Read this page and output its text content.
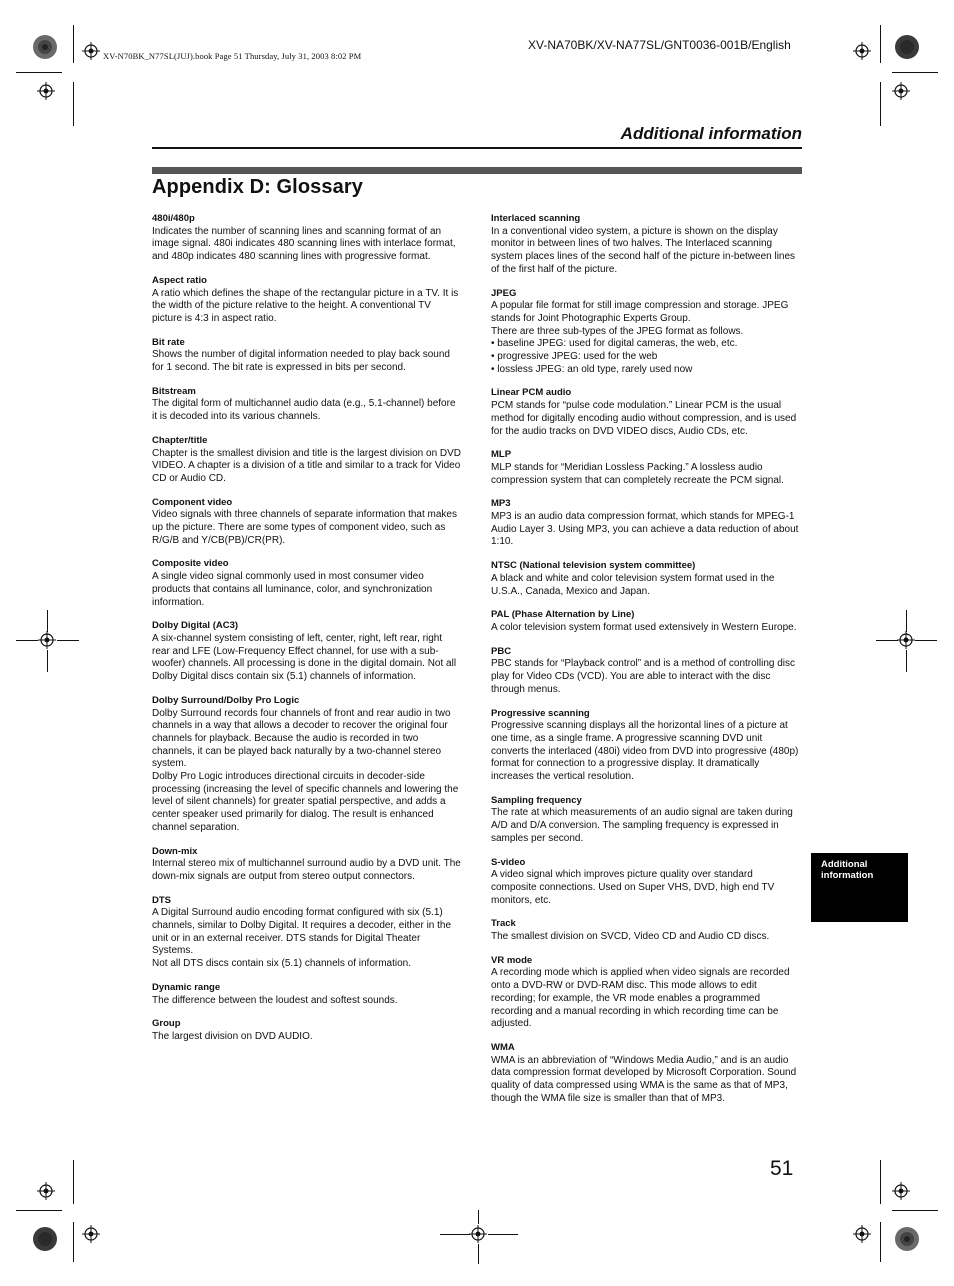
XV-N70BK_N77SL(JUJ).book Page 51 Thursday, July 31, 2003 8:02 PM
XV-NA70BK/XV-NA77SL/GNT0036-001B/English
Additional information
Appendix D: Glossary
480i/480p

Indicates the number of scanning lines and scanning format of an image signal. 480i indicates 480 scanning lines with interlace format, and 480p indicates 480 scanning lines with progressive format.

Aspect ratio

A ratio which defines the shape of the rectangular picture in a TV. It is the width of the picture relative to the height. A conventional TV picture is 4:3 in aspect ratio.

Bit rate

Shows the number of digital information needed to play back sound for 1 second. The bit rate is expressed in bits per second.

Bitstream

The digital form of multichannel audio data (e.g., 5.1-channel) before it is decoded into its various channels.

Chapter/title

Chapter is the smallest division and title is the largest division on DVD VIDEO. A chapter is a division of a title and similar to a track for Video CD or Audio CD.

Component video

Video signals with three channels of separate information that makes up the picture. There are some types of component video, such as R/G/B and Y/CB(PB)/CR(PR).

Composite video

A single video signal commonly used in most consumer video products that contains all luminance, color, and synchronization information.

Dolby Digital (AC3)

A six-channel system consisting of left, center, right, left rear, right rear and LFE (Low-Frequency Effect channel, for use with a sub-woofer) channels. All processing is done in the digital domain. Not all Dolby Digital discs contain six (5.1) channels of information.

Dolby Surround/Dolby Pro Logic

Dolby Surround records four channels of front and rear audio in two channels in a way that allows a decoder to recover the original four channels for playback. Because the audio is recorded in two channels, it can be played back naturally by a two-channel stereo system.

Dolby Pro Logic introduces directional circuits in decoder-side processing (increasing the level of specific channels and lowering the level of silent channels) for greater spatial perspective, and adds a center speaker used primarily for dialog. The result is enhanced channel separation.

Down-mix

Internal stereo mix of multichannel surround audio by a DVD unit. The down-mix signals are output from stereo output connectors.

DTS

A Digital Surround audio encoding format configured with six (5.1) channels, similar to Dolby Digital. It requires a decoder, either in the unit or in an external receiver. DTS stands for Digital Theater Systems.

Not all DTS discs contain six (5.1) channels of information.

Dynamic range

The difference between the loudest and softest sounds.

Group

The largest division on DVD AUDIO.

Interlaced scanning

In a conventional video system, a picture is shown on the display monitor in between lines of two halves. The Interlaced scanning system places lines of the second half of the picture in-between lines of the first half of the picture.

JPEG

A popular file format for still image compression and storage. JPEG stands for Joint Photographic Experts Group.

There are three sub-types of the JPEG format as follows.

• baseline JPEG: used for digital cameras, the web, etc.
• progressive JPEG: used for the web
• lossless JPEG: an old type, rarely used now
Linear PCM audio

PCM stands for “pulse code modulation.” Linear PCM is the usual method for digitally encoding audio without compression, and is used for the audio tracks on DVD VIDEO discs, Audio CDs, etc.

MLP

MLP stands for “Meridian Lossless Packing.” A lossless audio compression system that can completely recreate the PCM signal.

MP3

MP3 is an audio data compression format, which stands for MPEG-1 Audio Layer 3. Using MP3, you can achieve a data reduction of about 1:10.

NTSC (National television system committee)

A black and white and color television system format used in the U.S.A., Canada, Mexico and Japan.

PAL (Phase Alternation by Line)

A color television system format used extensively in Western Europe.

PBC

PBC stands for “Playback control” and is a method of controlling disc play for Video CDs (VCD). You are able to interact with the disc through menus.

Progressive scanning

Progressive scanning displays all the horizontal lines of a picture at one time, as a single frame. A progressive scanning DVD unit converts the interlaced (480i) video from DVD into progressive (480p) format for connection to a progressive display. It dramatically increases the vertical resolution.

Sampling frequency

The rate at which measurements of an audio signal are taken during A/D and D/A conversion. The sampling frequency is expressed in samples per second.

S-video

A video signal which improves picture quality over standard composite connections. Used on Super VHS, DVD, high end TV monitors, etc.

Track

The smallest division on SVCD, Video CD and Audio CD discs.

VR mode

A recording mode which is applied when video signals are recorded onto a DVD-RW or DVD-RAM disc. This mode allows to edit recording; for example, the VR mode enables a programmed recording and a manual recording in which recording time can be adjusted.

WMA

WMA is an abbreviation of “Windows Media Audio,” and is an audio data compression format developed by Microsoft Corporation. Sound quality of data compressed using WMA is the same as that of MP3, though the WMA file size is smaller than that of MP3.

Additional
information
51
